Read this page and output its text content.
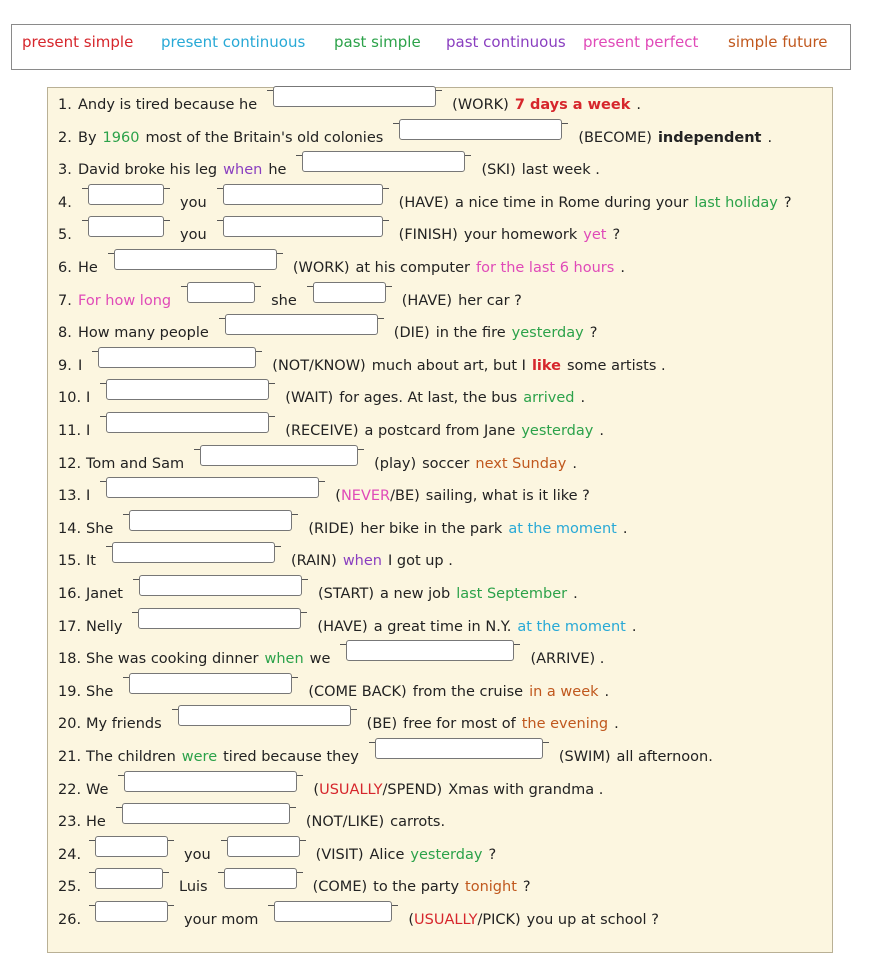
present simple present continuous past simple past continuous present perfect simple future
1. Andy is tired because he	(WORK) 7 days a week .
2. By 1960 most of the Britain's old colonies	(BECOME) independent .
3. David broke his leg when he	(SKI) last week .
4.	you	(HAVE) a nice time in Rome during your last holiday ?
5.	you	(FINISH) your homework yet ?
6. He	(WORK) at his computer for the last 6 hours .
7. For how long	she	(HAVE) her car ?
8. How many people	(DIE) in the fire yesterday ?
9. I	(NOT/KNOW) much about art, but I like some artists .
10. I	(WAIT) for ages. At last, the bus arrived .
11. I	(RECEIVE) a postcard from Jane yesterday .
12. Tom and Sam	(play) soccer next Sunday .
13. I	( NEVER /BE) sailing, what is it like ?
14. She	(RIDE) her bike in the park at the moment .
15. It	(RAIN) when I got up .
16. Janet	(START) a new job last September .
17. Nelly	(HAVE) a great time in N.Y. at the moment .
18. She was cooking dinner when we	(ARRIVE) .
19. She	(COME BACK) from the cruise in a week .
20. My friends	(BE) free for most of the evening .
21. The children were tired because they	(SWIM) all afternoon.
22. We	( USUALLY /SPEND) Xmas with grandma .
23. He	(NOT/LIKE) carrots.
24.	you	(VISIT) Alice yesterday ?
25.	Luis	(COME) to the party tonight ?
26.	your mom	( USUALLY /PICK) you up at school ?
